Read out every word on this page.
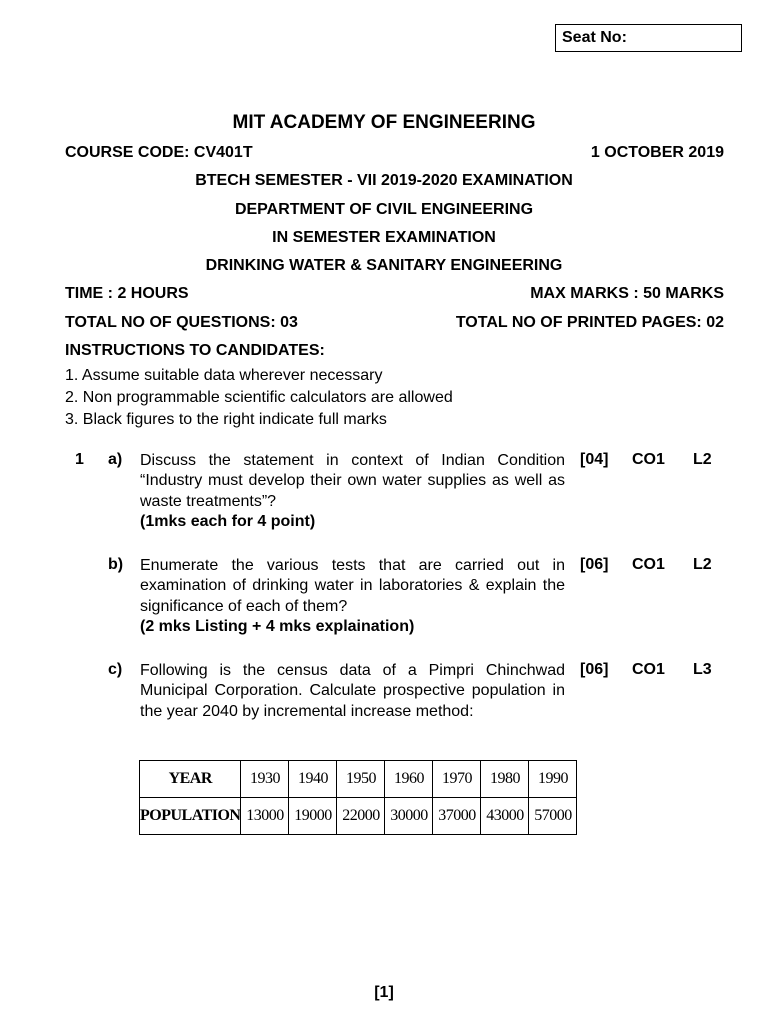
Seat No:
MIT ACADEMY OF ENGINEERING
COURSE CODE: CV401T	1 OCTOBER 2019
BTECH SEMESTER - VII 2019-2020 EXAMINATION
DEPARTMENT OF CIVIL ENGINEERING
IN SEMESTER EXAMINATION
DRINKING WATER & SANITARY ENGINEERING
TIME : 2 HOURS	MAX MARKS : 50 MARKS
TOTAL NO OF QUESTIONS: 03	TOTAL NO OF PRINTED PAGES: 02
INSTRUCTIONS TO CANDIDATES:
1. Assume suitable data wherever necessary
2. Non programmable scientific calculators are allowed
3. Black figures to the right indicate full marks
1 a) Discuss the statement in context of Indian Condition “Industry must develop their own water supplies as well as waste treatments”?
(1mks each for 4 point)
[04] CO1 L2
b) Enumerate the various tests that are carried out in examination of drinking water in laboratories & explain the significance of each of them?
(2 mks Listing + 4 mks explaination)
[06] CO1 L2
c) Following is the census data of a Pimpri Chinchwad Municipal Corporation. Calculate prospective population in the year 2040 by incremental increase method:
[06] CO1 L3
YEAR	1930	1940	1950	1960	1970	1980	1990
POPULATION	13000	19000	22000	30000	37000	43000	57000
[1]
